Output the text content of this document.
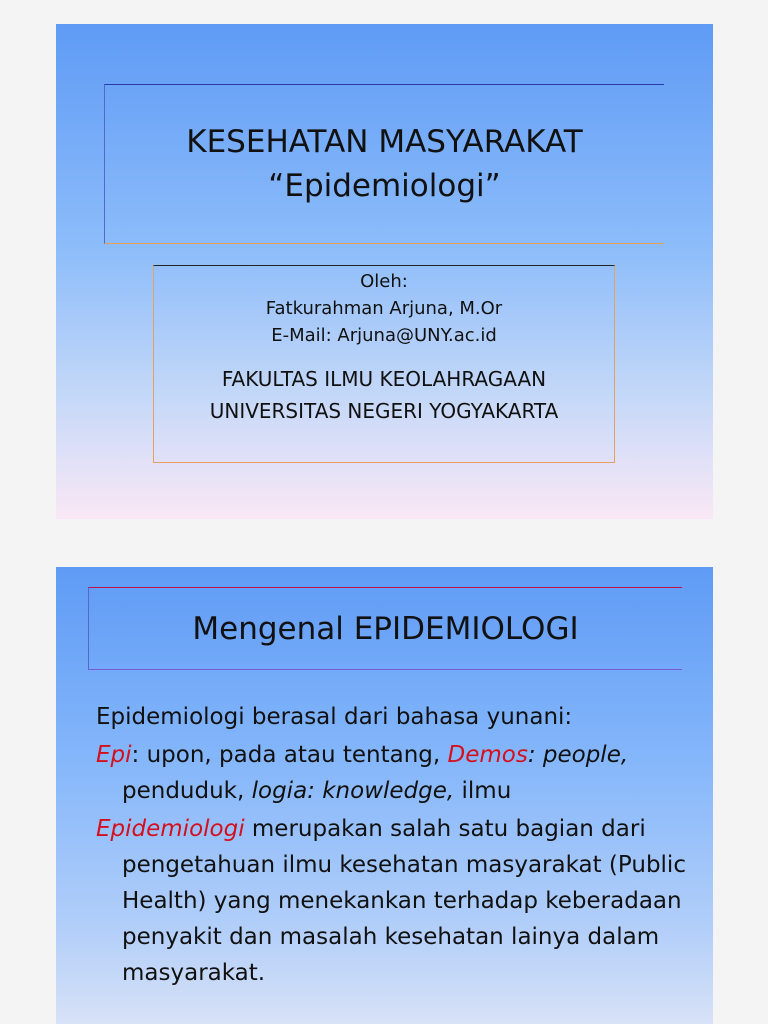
KESEHATAN MASYARAKAT
“Epidemiologi”
Oleh:
Fatkurahman Arjuna, M.Or
E-Mail: Arjuna@UNY.ac.id
FAKULTAS ILMU KEOLAHRAGAAN
UNIVERSITAS NEGERI YOGYAKARTA
Mengenal EPIDEMIOLOGI

Epidemiologi berasal dari bahasa yunani:

Epi: upon, pada atau tentang, Demos: people,
penduduk, logia: knowledge, ilmu

Epidemiologi merupakan salah satu bagian dari pengetahuan ilmu kesehatan masyarakat (Public Health) yang menekankan terhadap keberadaan penyakit dan masalah kesehatan lainya dalam masyarakat.
